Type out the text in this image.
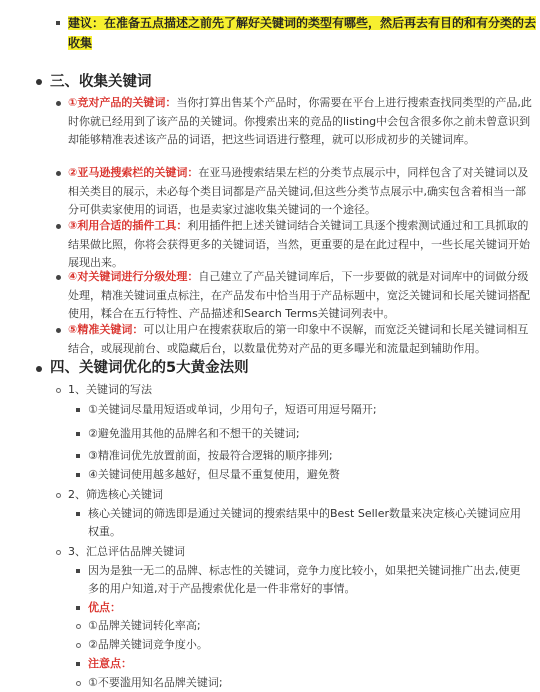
建议：在准备五点描述之前先了解好关键词的类型有哪些，然后再去有目的和有分类的去收集
三、收集关键词
①竞对产品的关键词：当你打算出售某个产品时，你需要在平台上进行搜索查找同类型的产品,此时你就已经用到了该产品的关键词。你搜索出来的竞品的listing中会包含很多你之前未曾意识到却能够精准表述该产品的词语，把这些词语进行整理，就可以形成初步的关键词库。
②亚马逊搜索栏的关键词：在亚马逊搜索结果左栏的分类节点展示中，同样包含了对关键词以及相关类目的展示，未必每个类目词都是产品关键词,但这些分类节点展示中,确实包含着相当一部分可供卖家使用的词语，也是卖家过滤收集关键词的一个途径。
③利用合适的插件工具：利用插件把上述关键词结合关键词工具逐个搜索测试通过和工具抓取的结果做比照，你将会获得更多的关键词语，当然，更重要的是在此过程中，一些长尾关键词开始展现出来。
④对关键词进行分级处理：自己建立了产品关键词库后，下一步要做的就是对词库中的词做分级处理，精准关键词重点标注，在产品发布中恰当用于产品标题中，宽泛关键词和长尾关键词搭配使用，糅合在五行特性、产品描述和Search Terms关键词列表中。
⑤精准关键词：可以让用户在搜索获取后的第一印象中不误解，而宽泛关键词和长尾关键词相互结合，或展现前台、或隐藏后台，以数量优势对产品的更多曝光和流量起到辅助作用。
四、关键词优化的5大黄金法则
1、关键词的写法
①关键词尽量用短语或单词，少用句子，短语可用逗号隔开;
②避免滥用其他的品牌名和不想干的关键词;
③精准词优先放置前面，按最符合逻辑的顺序排列;
④关键词使用越多越好，但尽量不重复使用，避免赘
2、筛选核心关键词
核心关键词的筛选即是通过关键词的搜索结果中的Best Seller数量来决定核心关键词应用权重。
3、汇总评估品牌关键词
因为是独一无二的品牌、标志性的关键词，竞争力度比较小，如果把关键词推广出去,使更多的用户知道,对于产品搜索优化是一件非常好的事情。
优点：
①品牌关键词转化率高;
②品牌关键词竞争度小。
注意点：
①不要滥用知名品牌关键词;
